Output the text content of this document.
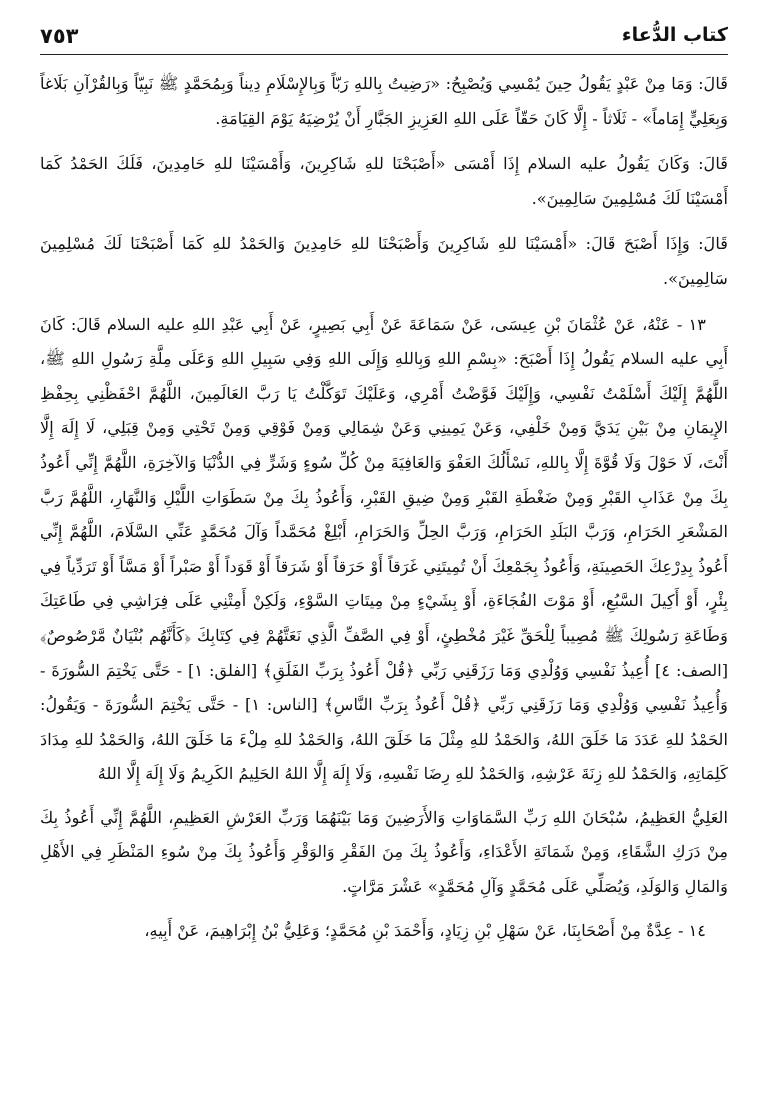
كتاب الدُّعاء
٧٥٣

قَالَ: وَمَا مِنْ عَبْدٍ يَقُولُ حِينَ يُمْسِي وَيُصْبِحُ: «رَضِيتُ بِاللهِ رَبّاً وَبِالإِسْلَامِ دِيناً وَبِمُحَمَّدٍ ﷺ نَبِيّاً وَبِالقُرْآنِ بَلَاغاً وَبِعَلِيٍّ إِمَاماً» - ثَلَاثاً - إِلَّا كَانَ حَقّاً عَلَى اللهِ العَزِيزِ الجَبَّارِ أَنْ يُرْضِيَهُ يَوْمَ القِيَامَةِ.

قَالَ: وَكَانَ يَقُولُ عليه السلام إِذَا أَمْسَى «أَصْبَحْنَا للهِ شَاكِرِينَ، وَأَمْسَيْنَا للهِ حَامِدِينَ، فَلَكَ الحَمْدُ كَمَا أَمْسَيْنَا لَكَ مُسْلِمِينَ سَالِمِينَ».

قَالَ: وَإِذَا أَصْبَحَ قَالَ: «أَمْسَيْنَا للهِ شَاكِرِينَ وَأَصْبَحْنَا للهِ حَامِدِينَ وَالحَمْدُ للهِ كَمَا أَصْبَحْنَا لَكَ مُسْلِمِينَ سَالِمِينَ».

١٣ - عَنْهُ، عَنْ عُثْمَانَ بْنِ عِيسَى، عَنْ سَمَاعَةَ عَنْ أَبِي بَصِيرٍ، عَنْ أَبِي عَبْدِ اللهِ عليه السلام قَالَ: كَانَ أَبِي عليه السلام يَقُولُ إِذَا أَصْبَحَ: «بِسْمِ اللهِ وَبِاللهِ وَإِلَى اللهِ وَفِي سَبِيلِ اللهِ وَعَلَى مِلَّةِ رَسُولِ اللهِ ﷺ، اللَّهُمَّ إِلَيْكَ أَسْلَمْتُ نَفْسِي، وَإِلَيْكَ فَوَّضْتُ أَمْرِي، وَعَلَيْكَ تَوَكَّلْتُ يَا رَبَّ العَالَمِينَ، اللَّهُمَّ احْفَظْنِي بِحِفْظِ الإِيمَانِ مِنْ بَيْنِ يَدَيَّ وَمِنْ خَلْفِي، وَعَنْ يَمِينِي وَعَنْ شِمَالِي وَمِنْ فَوْقِي وَمِنْ تَحْتِي وَمِنْ قِبَلِي، لَا إِلَهَ إِلَّا أَنْتَ، لَا حَوْلَ وَلَا قُوَّةَ إِلَّا بِاللهِ، نَسْأَلُكَ العَفْوَ وَالعَافِيَةَ مِنْ كُلِّ سُوءٍ وَشَرٍّ فِي الدُّنْيَا وَالآخِرَةِ، اللَّهُمَّ إِنِّي أَعُوذُ بِكَ مِنْ عَذَابِ القَبْرِ وَمِنْ ضَغْطَةِ القَبْرِ وَمِنْ ضِيقِ القَبْرِ، وَأَعُوذُ بِكَ مِنْ سَطَوَاتِ اللَّيْلِ وَالنَّهَارِ، اللَّهُمَّ رَبَّ المَشْعَرِ الحَرَامِ، وَرَبَّ البَلَدِ الحَرَامِ، وَرَبَّ الحِلِّ وَالحَرَامِ، أَبْلِغْ مُحَمَّداً وَآلَ مُحَمَّدٍ عَنِّي السَّلَامَ، اللَّهُمَّ إِنِّي أَعُوذُ بِدِرْعِكَ الحَصِينَةِ، وَأَعُوذُ بِجَمْعِكَ أَنْ تُمِيتَنِي غَرَقاً أَوْ حَرَقاً أَوْ شَرَقاً أَوْ قَوَداً أَوْ صَبْراً أَوْ مَسَّاً أَوْ تَرَدِّياً فِي بِئْرٍ، أَوْ أَكِيلَ السَّبُعِ، أَوْ مَوْتَ الفُجَاءَةِ، أَوْ بِشَيْءٍ مِنْ مِيتَاتِ السَّوْءِ، وَلَكِنْ أَمِتْنِي عَلَى فِرَاشِي فِي طَاعَتِكَ وَطَاعَةِ رَسُولِكَ ﷺ مُصِيباً لِلْحَقِّ غَيْرَ مُخْطِئٍ، أَوْ فِي الصَّفِّ الَّذِي نَعَتَّهُمْ فِي كِتَابِكَ ﴿كَأَنَّهُم بُنْيَانٌ مَّرْصُوصٌ﴾ [الصف: ٤] أُعِيذُ نَفْسِي وَوُلْدِي وَمَا رَزَقَنِي رَبِّي ﴿قُلْ أَعُوذُ بِرَبِّ الفَلَقِ﴾ [الفلق: ١] - حَتَّى يَخْتِمَ السُّورَةَ - وَأُعِيذُ نَفْسِي وَوُلْدِي وَمَا رَزَقَنِي رَبِّي ﴿قُلْ أَعُوذُ بِرَبِّ النَّاسِ﴾ [الناس: ١] - حَتَّى يَخْتِمَ السُّورَةَ - وَيَقُولُ: الحَمْدُ للهِ عَدَدَ مَا خَلَقَ اللهُ، وَالحَمْدُ للهِ مِثْلَ مَا خَلَقَ اللهُ، وَالحَمْدُ للهِ مِلْءَ مَا خَلَقَ اللهُ، وَالحَمْدُ للهِ مِدَادَ كَلِمَاتِهِ، وَالحَمْدُ للهِ زِنَةَ عَرْشِهِ، وَالحَمْدُ للهِ رِضَا نَفْسِهِ، وَلَا إِلَهَ إِلَّا اللهُ الحَلِيمُ الكَرِيمُ وَلَا إِلَهَ إِلَّا اللهُ

العَلِيُّ العَظِيمُ، سُبْحَانَ اللهِ رَبِّ السَّمَاوَاتِ وَالأَرَضِينَ وَمَا بَيْنَهُمَا وَرَبِّ العَرْشِ العَظِيمِ، اللَّهُمَّ إِنِّي أَعُوذُ بِكَ مِنْ دَرَكِ الشَّقَاءِ، وَمِنْ شَمَاتَةِ الأَعْدَاءِ، وَأَعُوذُ بِكَ مِنَ الفَقْرِ وَالوَقْرِ وَأَعُوذُ بِكَ مِنْ سُوءِ المَنْظَرِ فِي الأَهْلِ وَالمَالِ وَالوَلَدِ، وَيُصَلِّي عَلَى مُحَمَّدٍ وَآلِ مُحَمَّدٍ» عَشْرَ مَرَّاتٍ.

١٤ - عِدَّةٌ مِنْ أَصْحَابِنَا، عَنْ سَهْلِ بْنِ زِيَادٍ، وَأَحْمَدَ بْنِ مُحَمَّدٍ؛ وَعَلِيُّ بْنُ إِبْرَاهِيمَ، عَنْ أَبِيهِ،
